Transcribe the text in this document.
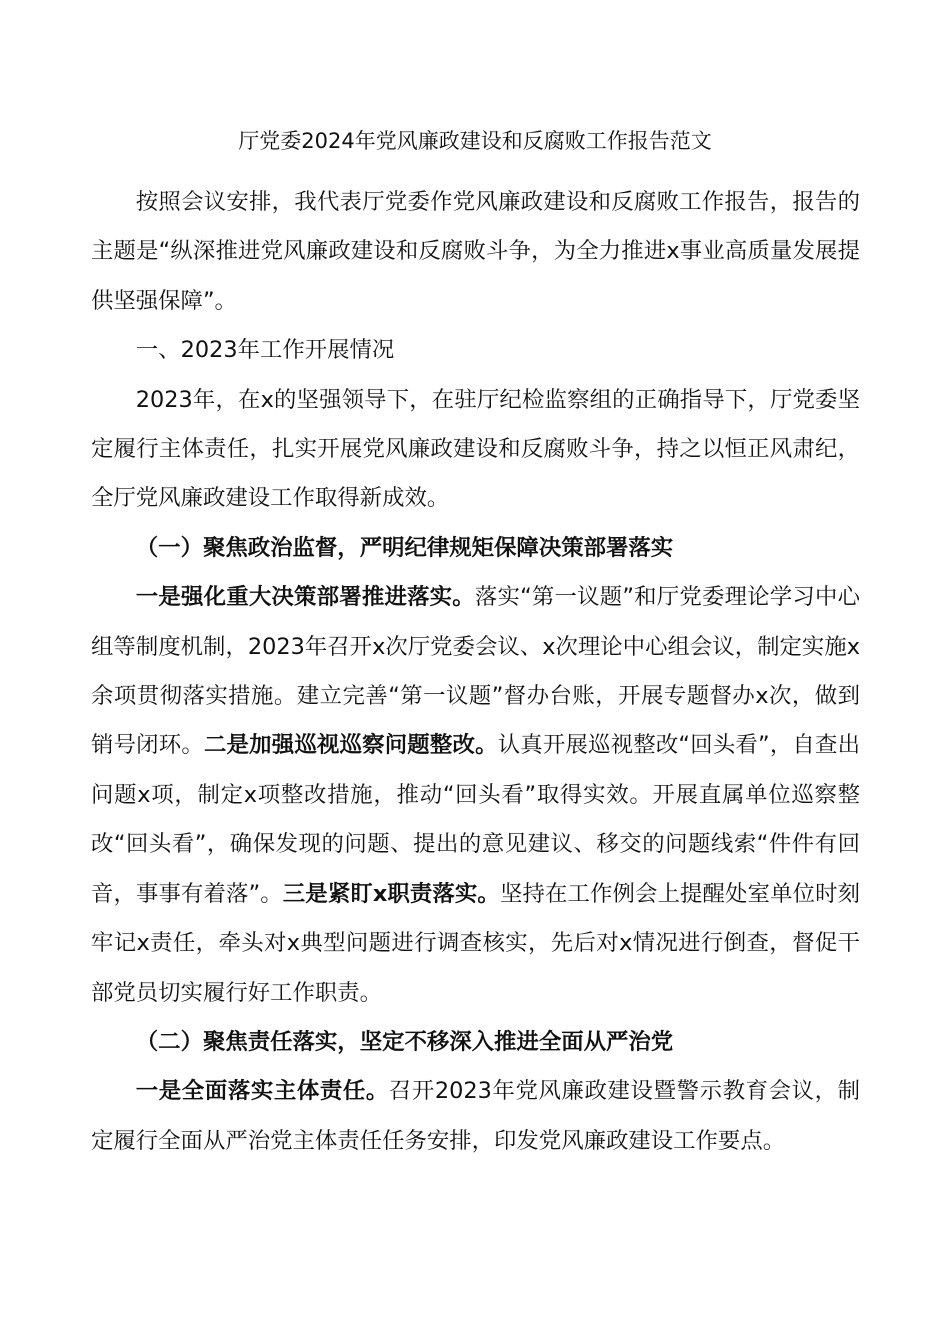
厅党委2024年党风廉政建设和反腐败工作报告范文

按照会议安排，我代表厅党委作党风廉政建设和反腐败工作报告，报告的主题是“纵深推进党风廉政建设和反腐败斗争，为全力推进x事业高质量发展提供坚强保障”。

一、2023年工作开展情况

2023年，在x的坚强领导下，在驻厅纪检监察组的正确指导下，厅党委坚定履行主体责任，扎实开展党风廉政建设和反腐败斗争，持之以恒正风肃纪，全厅党风廉政建设工作取得新成效。

（一）聚焦政治监督，严明纪律规矩保障决策部署落实

一是强化重大决策部署推进落实。落实“第一议题”和厅党委理论学习中心组等制度机制，2023年召开x次厅党委会议、x次理论中心组会议，制定实施x余项贯彻落实措施。建立完善“第一议题”督办台账，开展专题督办x次，做到销号闭环。二是加强巡视巡察问题整改。认真开展巡视整改“回头看”，自查出问题x项，制定x项整改措施，推动“回头看”取得实效。开展直属单位巡察整改“回头看”，确保发现的问题、提出的意见建议、移交的问题线索“件件有回音，事事有着落”。三是紧盯x职责落实。坚持在工作例会上提醒处室单位时刻牢记x责任，牵头对x典型问题进行调查核实，先后对x情况进行倒查，督促干部党员切实履行好工作职责。

（二）聚焦责任落实，坚定不移深入推进全面从严治党

一是全面落实主体责任。召开2023年党风廉政建设暨警示教育会议，制定履行全面从严治党主体责任任务安排，印发党风廉政建设工作要点。
